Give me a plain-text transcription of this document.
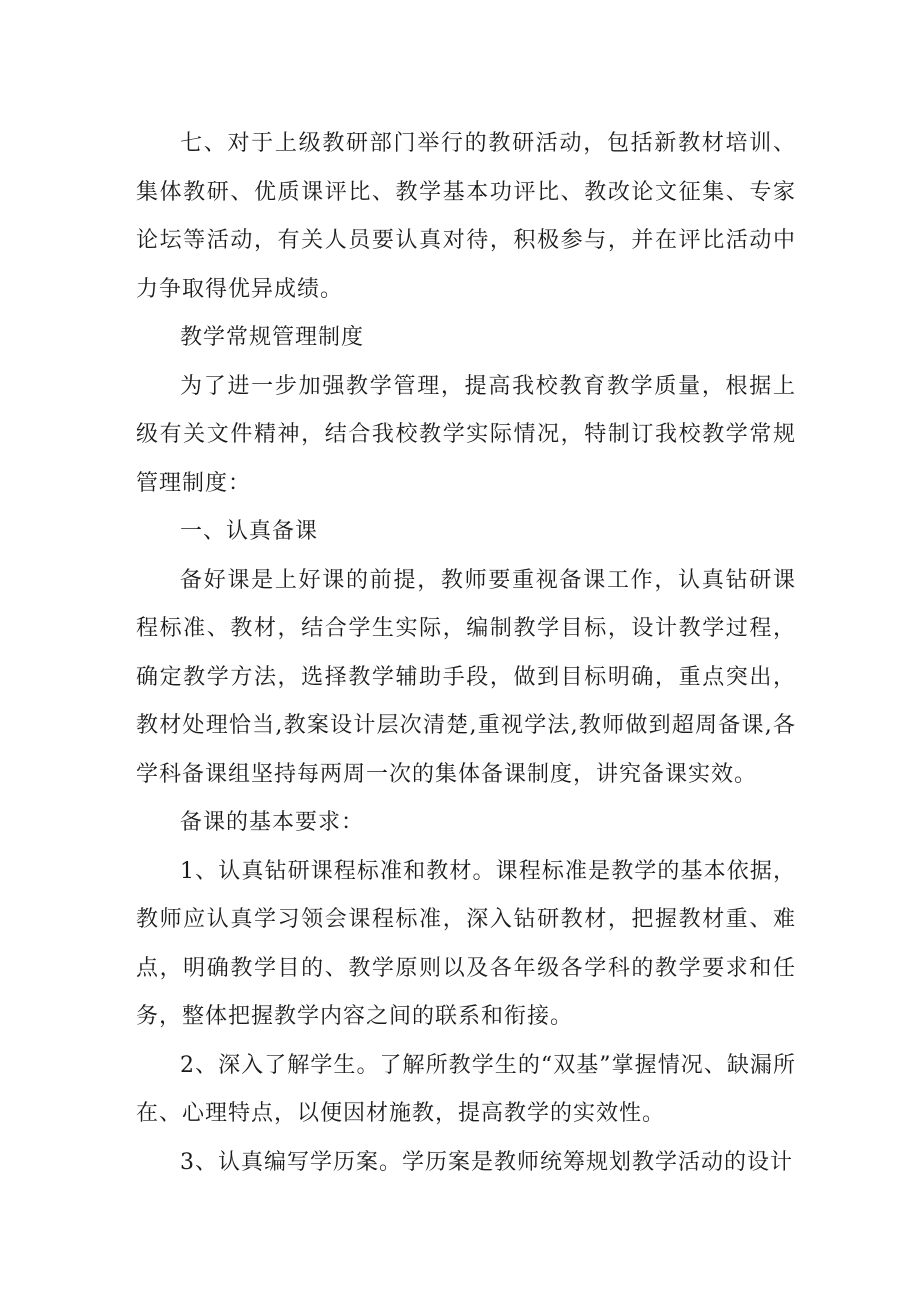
七、对于上级教研部门举行的教研活动，包括新教材培训、集体教研、优质课评比、教学基本功评比、教改论文征集、专家论坛等活动，有关人员要认真对待，积极参与，并在评比活动中力争取得优异成绩。

教学常规管理制度

为了进一步加强教学管理，提高我校教育教学质量，根据上级有关文件精神，结合我校教学实际情况，特制订我校教学常规管理制度：

一、认真备课

备好课是上好课的前提，教师要重视备课工作，认真钻研课程标准、教材，结合学生实际，编制教学目标，设计教学过程，确定教学方法，选择教学辅助手段，做到目标明确，重点突出，教材处理恰当,教案设计层次清楚,重视学法,教师做到超周备课,各学科备课组坚持每两周一次的集体备课制度，讲究备课实效。

备课的基本要求：

1、认真钻研课程标准和教材。课程标准是教学的基本依据，教师应认真学习领会课程标准，深入钻研教材，把握教材重、难点，明确教学目的、教学原则以及各年级各学科的教学要求和任务，整体把握教学内容之间的联系和衔接。

2、深入了解学生。了解所教学生的“双基”掌握情况、缺漏所在、心理特点，以便因材施教，提高教学的实效性。

3、认真编写学历案。学历案是教师统筹规划教学活动的设计
